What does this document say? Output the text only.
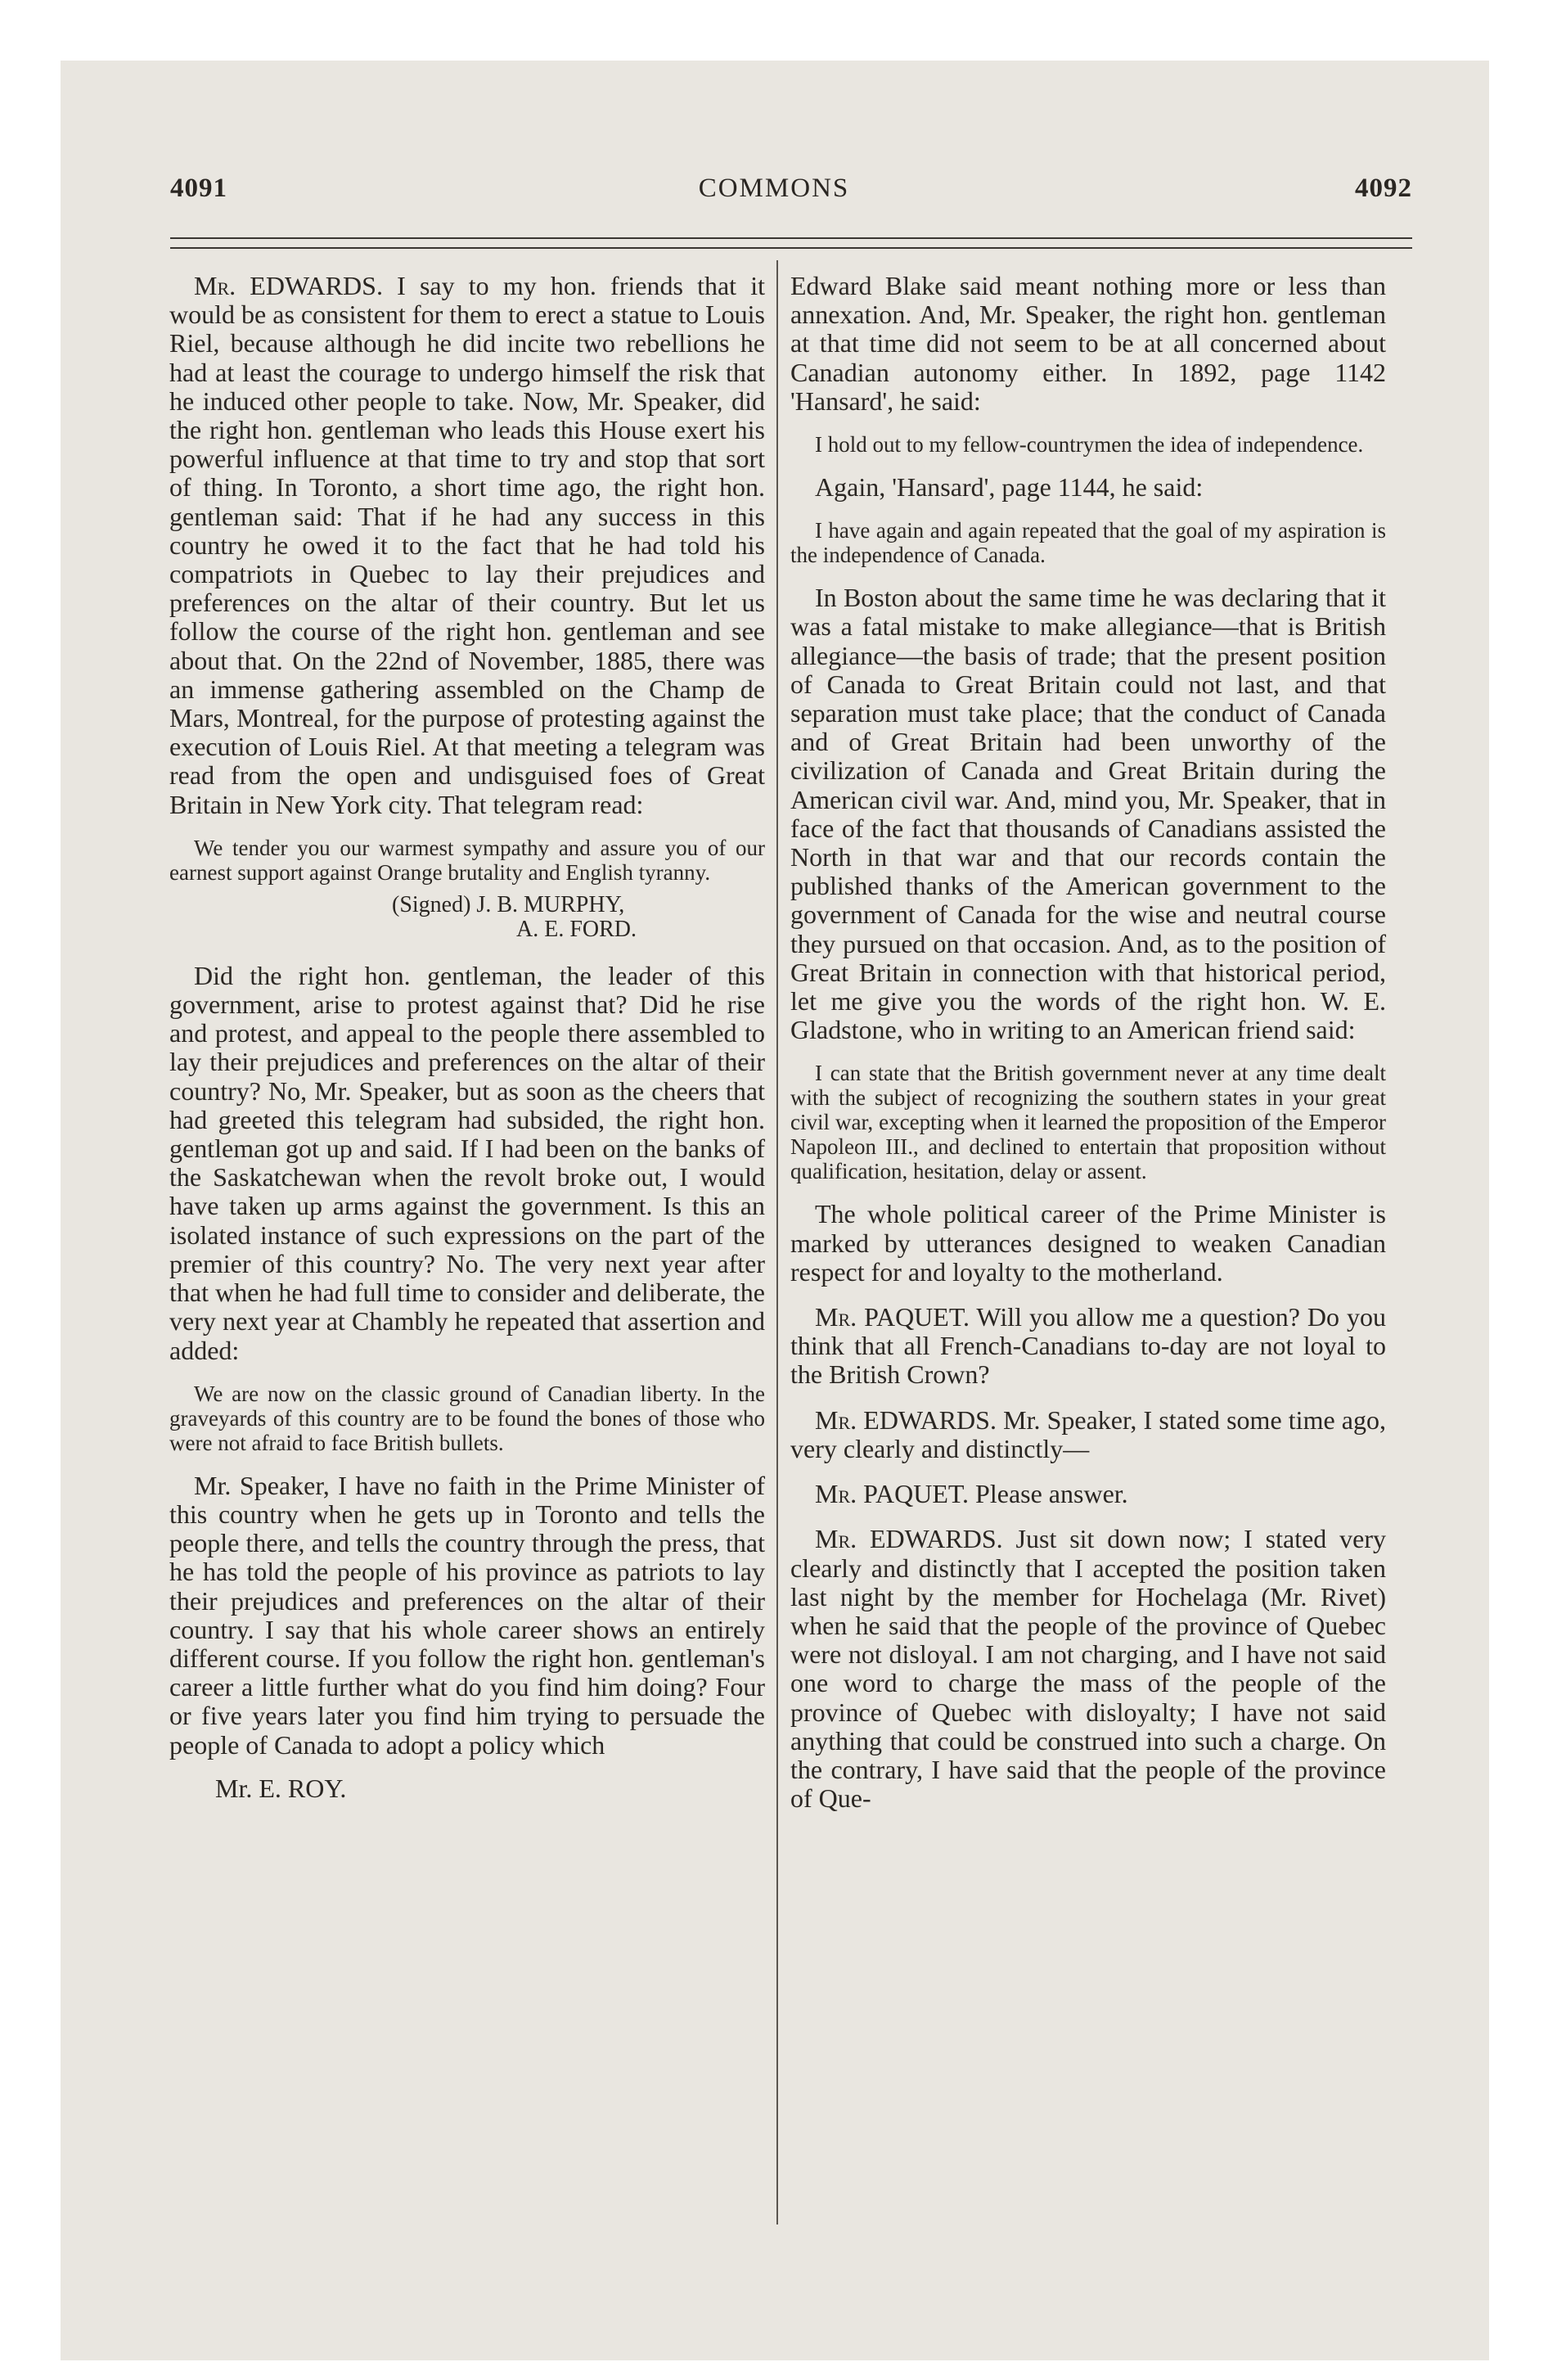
4091	COMMONS	4092

Mr. EDWARDS. I say to my hon. friends that it would be as consistent for them to erect a statue to Louis Riel, because although he did incite two rebellions he had at least the courage to undergo himself the risk that he induced other people to take. Now, Mr. Speaker, did the right hon. gentleman who leads this House exert his powerful influence at that time to try and stop that sort of thing. In Toronto, a short time ago, the right hon. gentleman said: That if he had any success in this country he owed it to the fact that he had told his compatriots in Quebec to lay their prejudices and preferences on the altar of their country. But let us follow the course of the right hon. gentleman and see about that. On the 22nd of November, 1885, there was an immense gathering assembled on the Champ de Mars, Montreal, for the purpose of protesting against the execution of Louis Riel. At that meeting a telegram was read from the open and undisguised foes of Great Britain in New York city. That telegram read:

We tender you our warmest sympathy and assure you of our earnest support against Orange brutality and English tyranny.

(Signed) J. B. MURPHY,
A. E. FORD.

Did the right hon. gentleman, the leader of this government, arise to protest against that? Did he rise and protest, and appeal to the people there assembled to lay their prejudices and preferences on the altar of their country? No, Mr. Speaker, but as soon as the cheers that had greeted this telegram had subsided, the right hon. gentleman got up and said. If I had been on the banks of the Saskatchewan when the revolt broke out, I would have taken up arms against the government. Is this an isolated instance of such expressions on the part of the premier of this country? No. The very next year after that when he had full time to consider and deliberate, the very next year at Chambly he repeated that assertion and added:

We are now on the classic ground of Canadian liberty. In the graveyards of this country are to be found the bones of those who were not afraid to face British bullets.

Mr. Speaker, I have no faith in the Prime Minister of this country when he gets up in Toronto and tells the people there, and tells the country through the press, that he has told the people of his province as patriots to lay their prejudices and preferences on the altar of their country. I say that his whole career shows an entirely different course. If you follow the right hon. gentleman's career a little further what do you find him doing? Four or five years later you find him trying to persuade the people of Canada to adopt a policy which

Mr. E. ROY.

Edward Blake said meant nothing more or less than annexation. And, Mr. Speaker, the right hon. gentleman at that time did not seem to be at all concerned about Canadian autonomy either. In 1892, page 1142 'Hansard', he said:

I hold out to my fellow-countrymen the idea of independence.

Again, 'Hansard', page 1144, he said:

I have again and again repeated that the goal of my aspiration is the independence of Canada.

In Boston about the same time he was declaring that it was a fatal mistake to make allegiance—that is British allegiance—the basis of trade; that the present position of Canada to Great Britain could not last, and that separation must take place; that the conduct of Canada and of Great Britain had been unworthy of the civilization of Canada and Great Britain during the American civil war. And, mind you, Mr. Speaker, that in face of the fact that thousands of Canadians assisted the North in that war and that our records contain the published thanks of the American government to the government of Canada for the wise and neutral course they pursued on that occasion. And, as to the position of Great Britain in connection with that historical period, let me give you the words of the right hon. W. E. Gladstone, who in writing to an American friend said:

I can state that the British government never at any time dealt with the subject of recognizing the southern states in your great civil war, excepting when it learned the proposition of the Emperor Napoleon III., and declined to entertain that proposition without qualification, hesitation, delay or assent.

The whole political career of the Prime Minister is marked by utterances designed to weaken Canadian respect for and loyalty to the motherland.

Mr. PAQUET. Will you allow me a question? Do you think that all French-Canadians to-day are not loyal to the British Crown?

Mr. EDWARDS. Mr. Speaker, I stated some time ago, very clearly and distinctly—

Mr. PAQUET. Please answer.

Mr. EDWARDS. Just sit down now; I stated very clearly and distinctly that I accepted the position taken last night by the member for Hochelaga (Mr. Rivet) when he said that the people of the province of Quebec were not disloyal. I am not charging, and I have not said one word to charge the mass of the people of the province of Quebec with disloyalty; I have not said anything that could be construed into such a charge. On the contrary, I have said that the people of the province of Que-
